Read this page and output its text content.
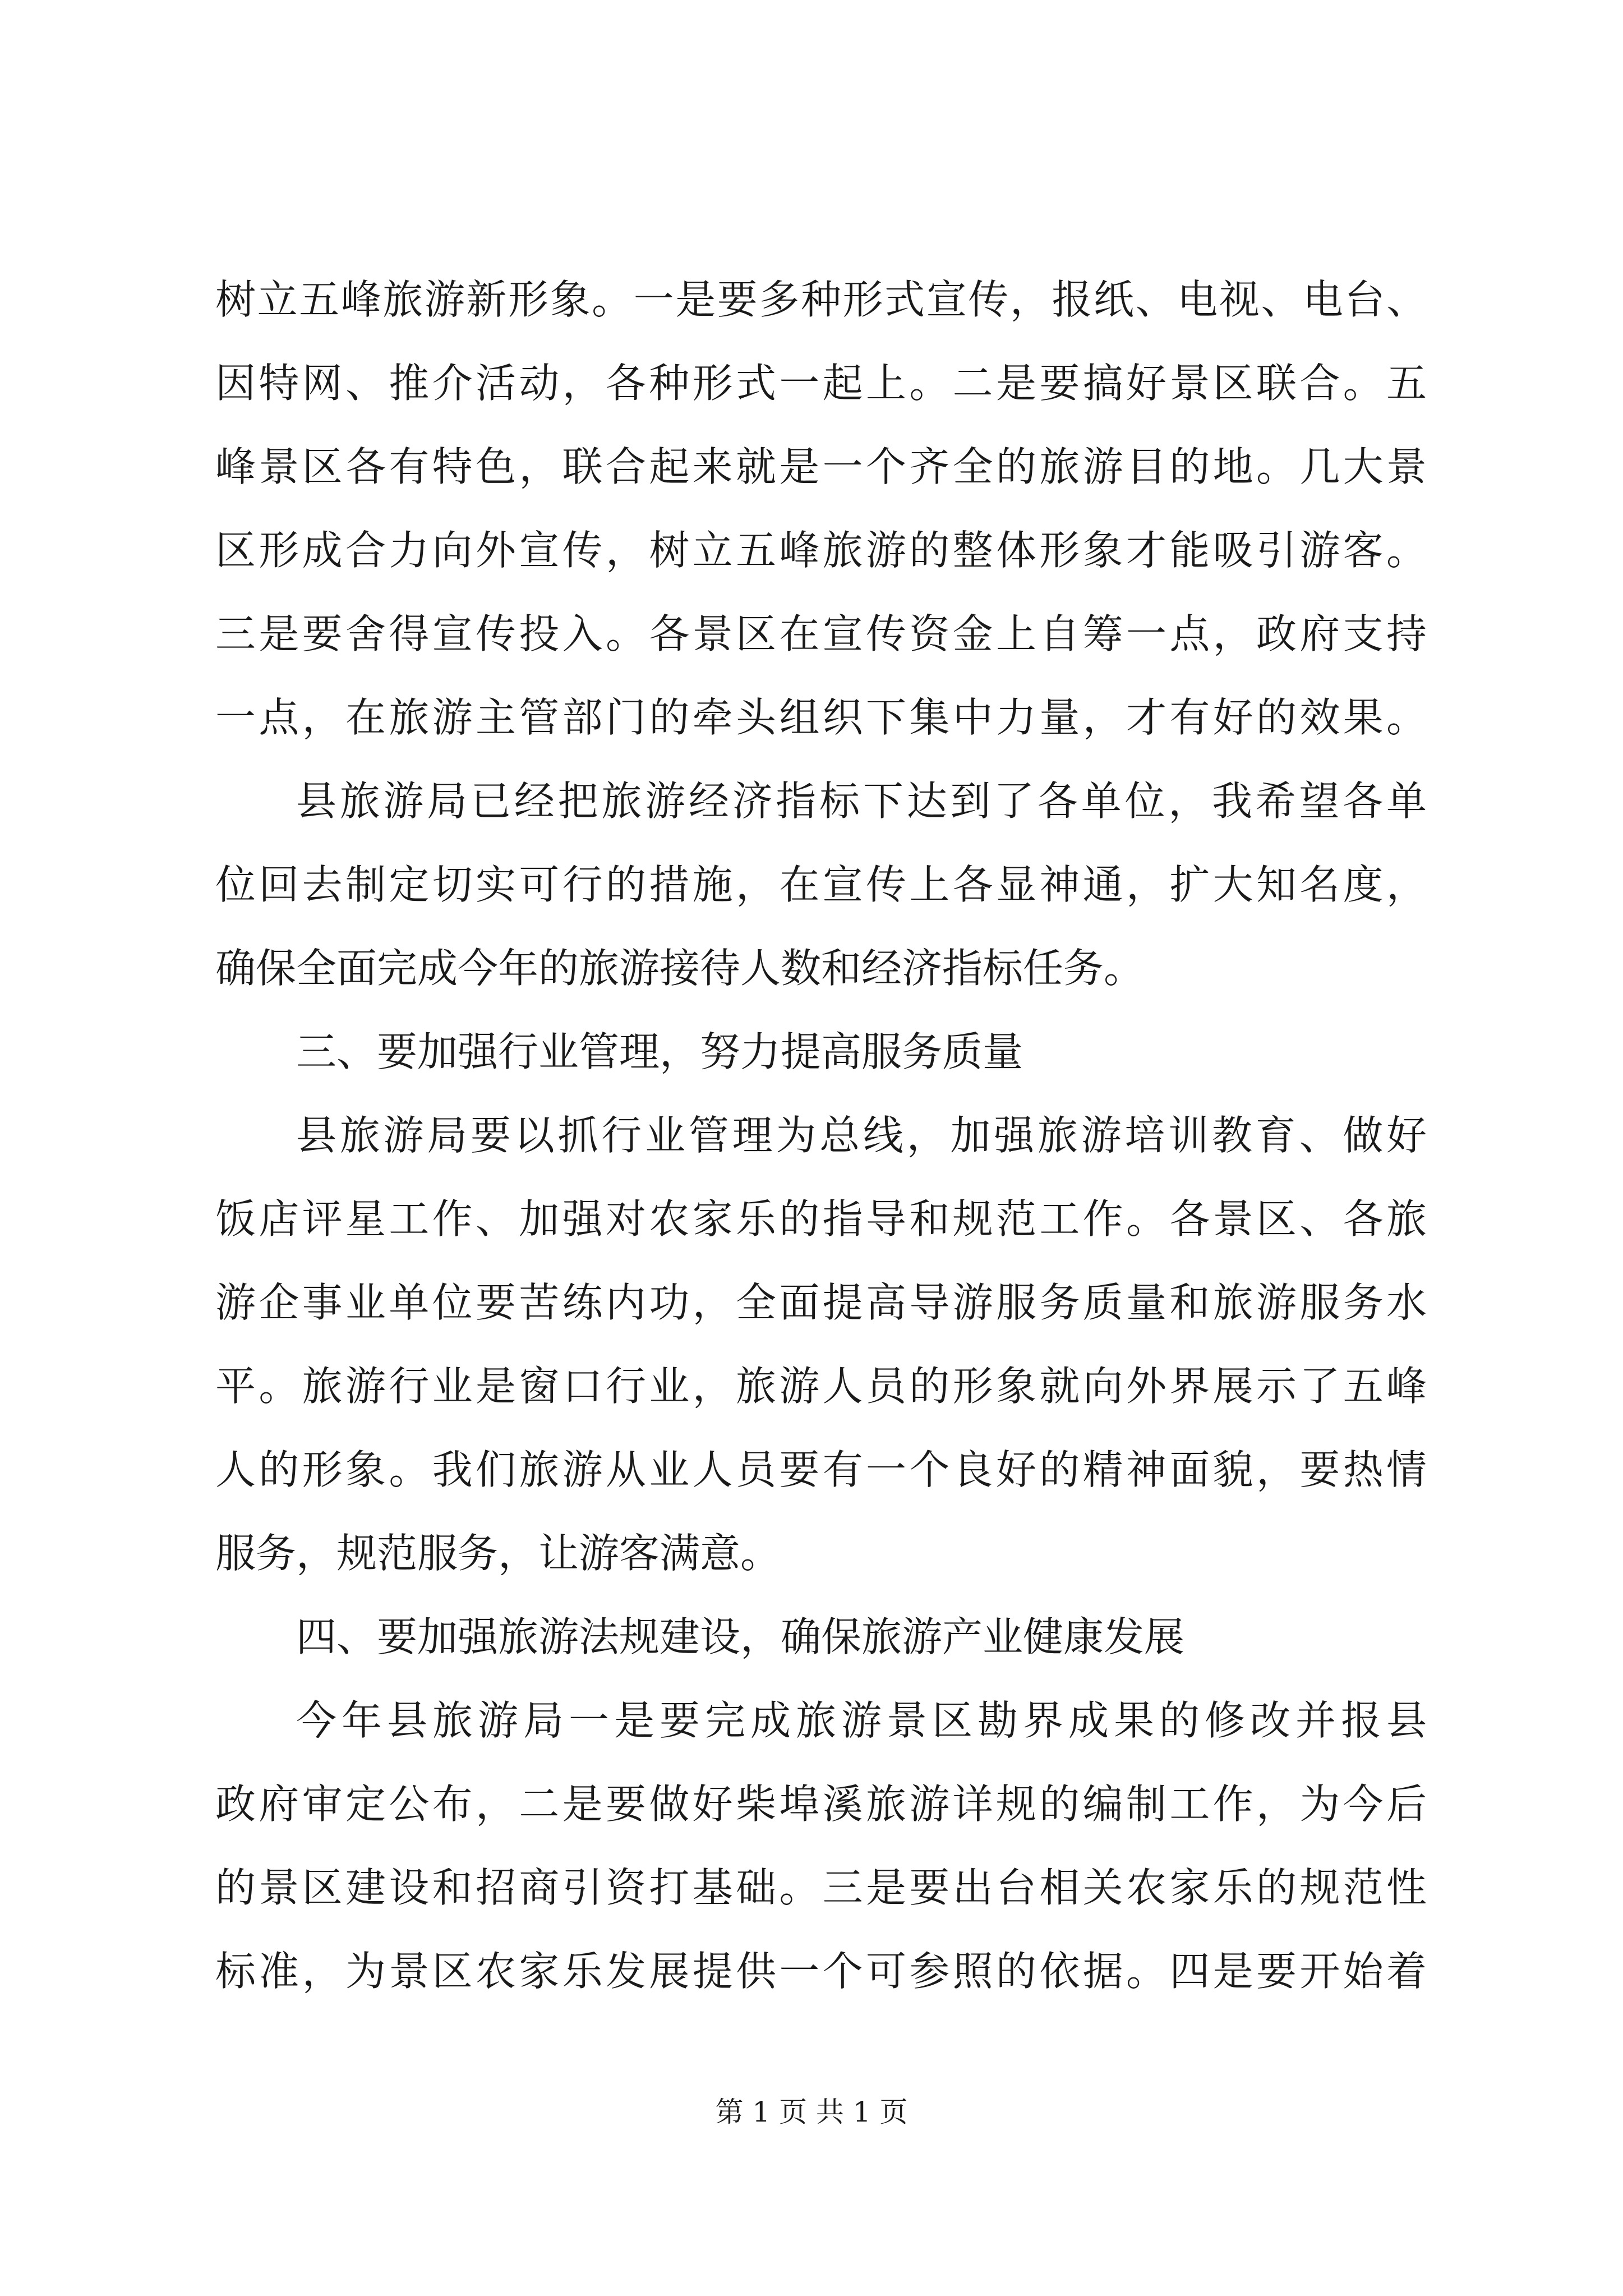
树立五峰旅游新形象。一是要多种形式宣传，报纸、电视、电台、
因特网、推介活动，各种形式一起上。二是要搞好景区联合。五
峰景区各有特色，联合起来就是一个齐全的旅游目的地。几大景
区形成合力向外宣传，树立五峰旅游的整体形象才能吸引游客。
三是要舍得宣传投入。各景区在宣传资金上自筹一点，政府支持
一点，在旅游主管部门的牵头组织下集中力量，才有好的效果。
县旅游局已经把旅游经济指标下达到了各单位，我希望各单
位回去制定切实可行的措施，在宣传上各显神通，扩大知名度，
确保全面完成今年的旅游接待人数和经济指标任务。
三、要加强行业管理，努力提高服务质量
县旅游局要以抓行业管理为总线，加强旅游培训教育、做好
饭店评星工作、加强对农家乐的指导和规范工作。各景区、各旅
游企事业单位要苦练内功，全面提高导游服务质量和旅游服务水
平。旅游行业是窗口行业，旅游人员的形象就向外界展示了五峰
人的形象。我们旅游从业人员要有一个良好的精神面貌，要热情
服务，规范服务，让游客满意。
四、要加强旅游法规建设，确保旅游产业健康发展
今年县旅游局一是要完成旅游景区勘界成果的修改并报县
政府审定公布，二是要做好柴埠溪旅游详规的编制工作，为今后
的景区建设和招商引资打基础。三是要出台相关农家乐的规范性
标准，为景区农家乐发展提供一个可参照的依据。四是要开始着
第 1 页 共 1 页
